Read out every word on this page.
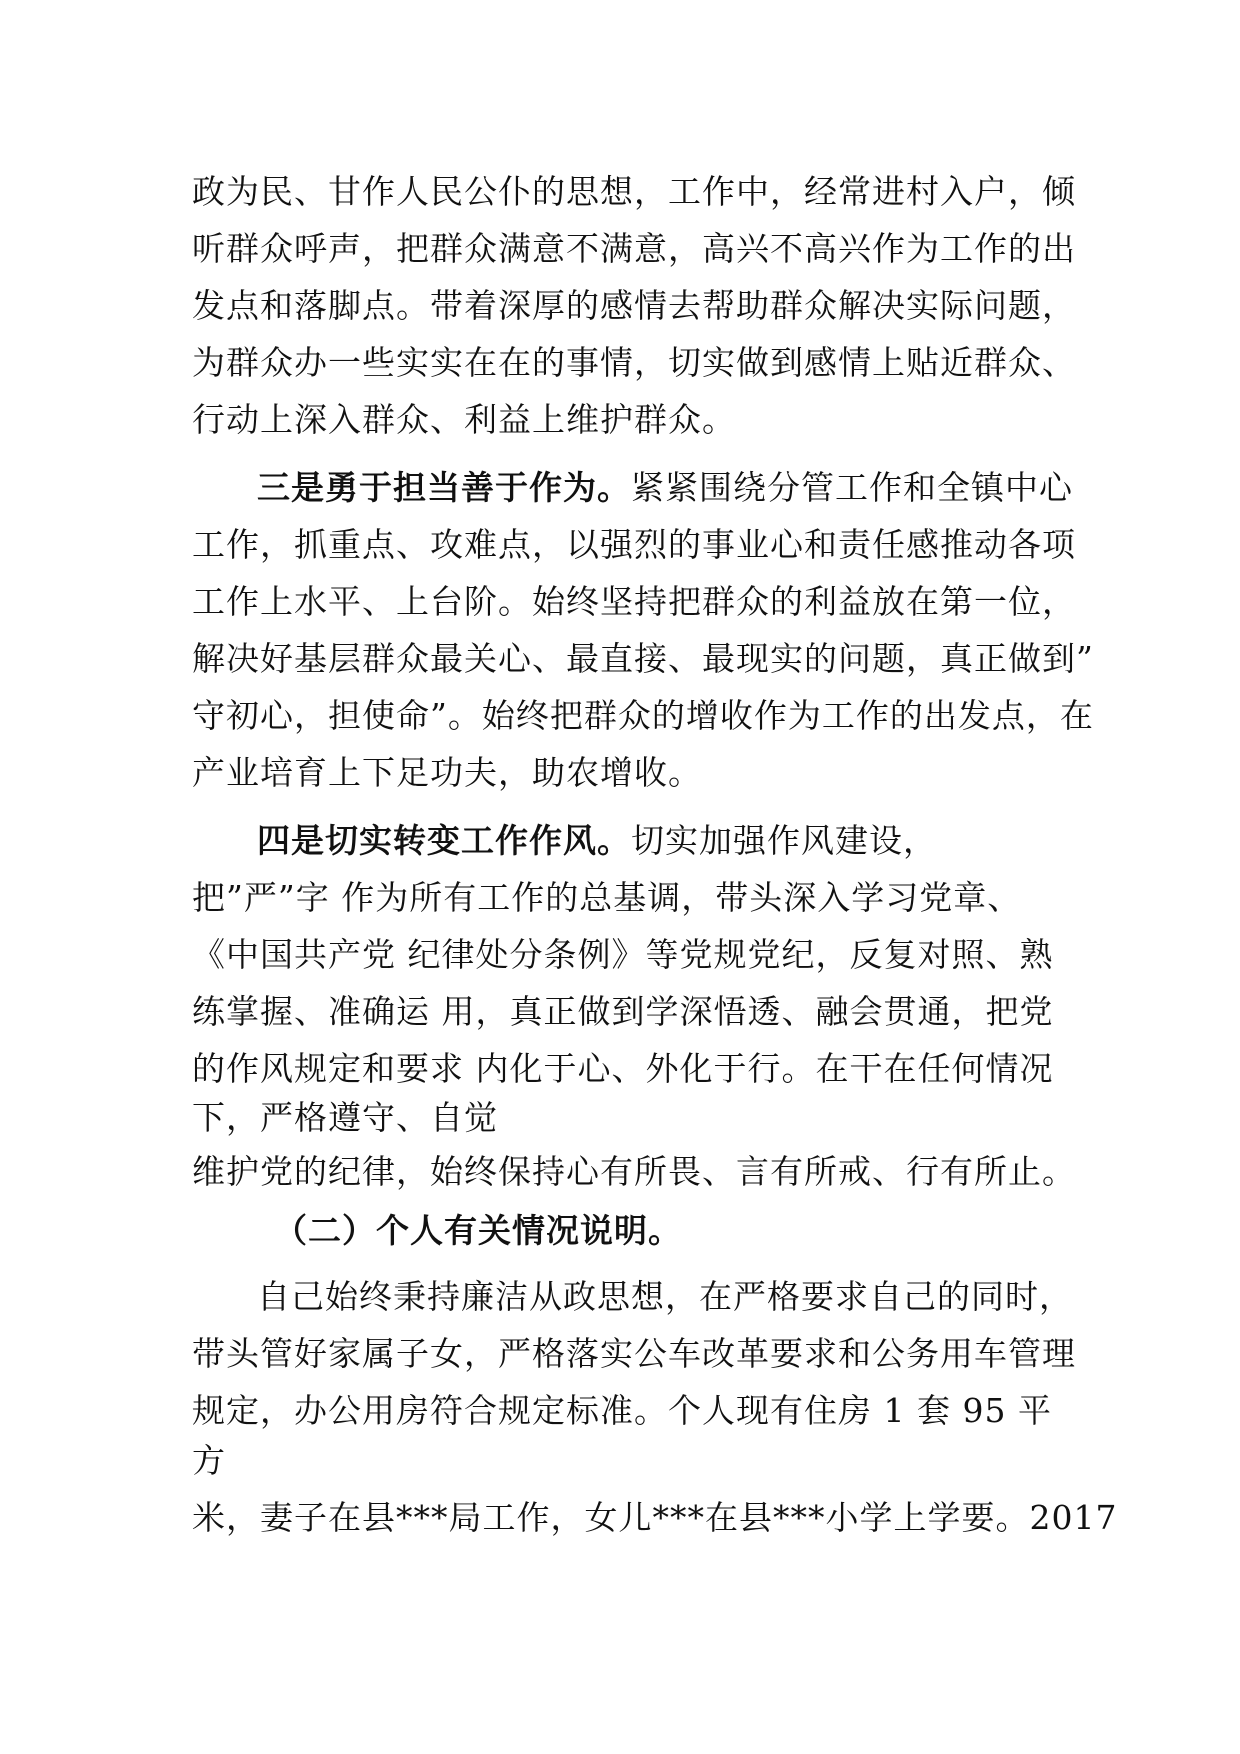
政为民、甘作人民公仆的思想，工作中，经常进村入户，倾
听群众呼声，把群众满意不满意，高兴不高兴作为工作的出
发点和落脚点。带着深厚的感情去帮助群众解决实际问题，
为群众办一些实实在在的事情，切实做到感情上贴近群众、
行动上深入群众、利益上维护群众。
三是勇于担当善于作为。紧紧围绕分管工作和全镇中心
工作，抓重点、攻难点，以强烈的事业心和责任感推动各项
工作上水平、上台阶。始终坚持把群众的利益放在第一位，
解决好基层群众最关心、最直接、最现实的问题，真正做到”
守初心，担使命”。始终把群众的增收作为工作的出发点，在
产业培育上下足功夫，助农增收。
四是切实转变工作作风。切实加强作风建设，
把”严”字 作为所有工作的总基调，带头深入学习党章、
《中国共产党 纪律处分条例》等党规党纪，反复对照、熟
练掌握、准确运 用，真正做到学深悟透、融会贯通，把党
的作风规定和要求 内化于心、外化于行。在干在任何情况
下，严格遵守、自觉
维护党的纪律，始终保持心有所畏、言有所戒、行有所止。
（二）个人有关情况说明。
自己始终秉持廉洁从政思想，在严格要求自己的同时，
带头管好家属子女，严格落实公车改革要求和公务用车管理
规定，办公用房符合规定标准。个人现有住房 1 套 95 平
方
米，妻子在县***局工作，女儿***在县***小学上学要。2017
